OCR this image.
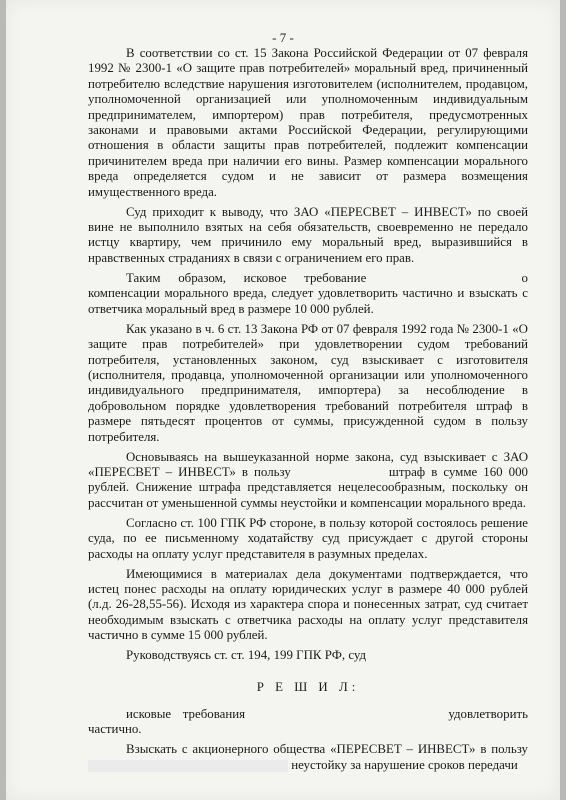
- 7 -

В соответствии со ст. 15 Закона Российской Федерации от 07 февраля 1992 № 2300-1 «О защите прав потребителей» моральный вред, причиненный потребителю вследствие нарушения изготовителем (исполнителем, продавцом, уполномоченной организацией или уполномоченным индивидуальным предпринимателем, импортером) прав потребителя, предусмотренных законами и правовыми актами Российской Федерации, регулирующими отношения в области защиты прав потребителей, подлежит компенсации причинителем вреда при наличии его вины. Размер компенсации морального вреда определяется судом и не зависит от размера возмещения имущественного вреда.

Суд приходит к выводу, что ЗАО «ПЕРЕСВЕТ – ИНВЕСТ» по своей вине не выполнило взятых на себя обязательств, своевременно не передало истцу квартиру, чем причинило ему моральный вред, выразившийся в нравственных страданиях в связи с ограничением его прав.

Таким образом, исковое требование	о компенсации морального вреда, следует удовлетворить частично и взыскать с ответчика моральный вред в размере 10 000 рублей.

Как указано в ч. 6 ст. 13 Закона РФ от 07 февраля 1992 года № 2300-1 «О защите прав потребителей» при удовлетворении судом требований потребителя, установленных законом, суд взыскивает с изготовителя (исполнителя, продавца, уполномоченной организации или уполномоченного индивидуального предпринимателя, импортера) за несоблюдение в добровольном порядке удовлетворения требований потребителя штраф в размере пятьдесят процентов от суммы, присужденной судом в пользу потребителя.

Основываясь на вышеуказанной норме закона, суд взыскивает с ЗАО «ПЕРЕСВЕТ – ИНВЕСТ» в пользу	штраф в сумме 160 000 рублей. Снижение штрафа представляется нецелесообразным, поскольку он рассчитан от уменьшенной суммы неустойки и компенсации морального вреда.

Согласно ст. 100 ГПК РФ стороне, в пользу которой состоялось решение суда, по ее письменному ходатайству суд присуждает с другой стороны расходы на оплату услуг представителя в разумных пределах.

Имеющимися в материалах дела документами подтверждается, что истец понес расходы на оплату юридических услуг в размере 40 000 рублей (л.д. 26-28,55-56). Исходя из характера спора и понесенных затрат, суд считает необходимым взыскать с ответчика расходы на оплату услуг представителя частично в сумме 15 000 рублей.

Руководствуясь ст. ст. 194, 199 ГПК РФ, суд

Р Е Ш И Л:

исковые требования	удовлетворить частично.

Взыскать с акционерного общества «ПЕРЕСВЕТ – ИНВЕСТ» в пользу  неустойку за нарушение сроков передачи
